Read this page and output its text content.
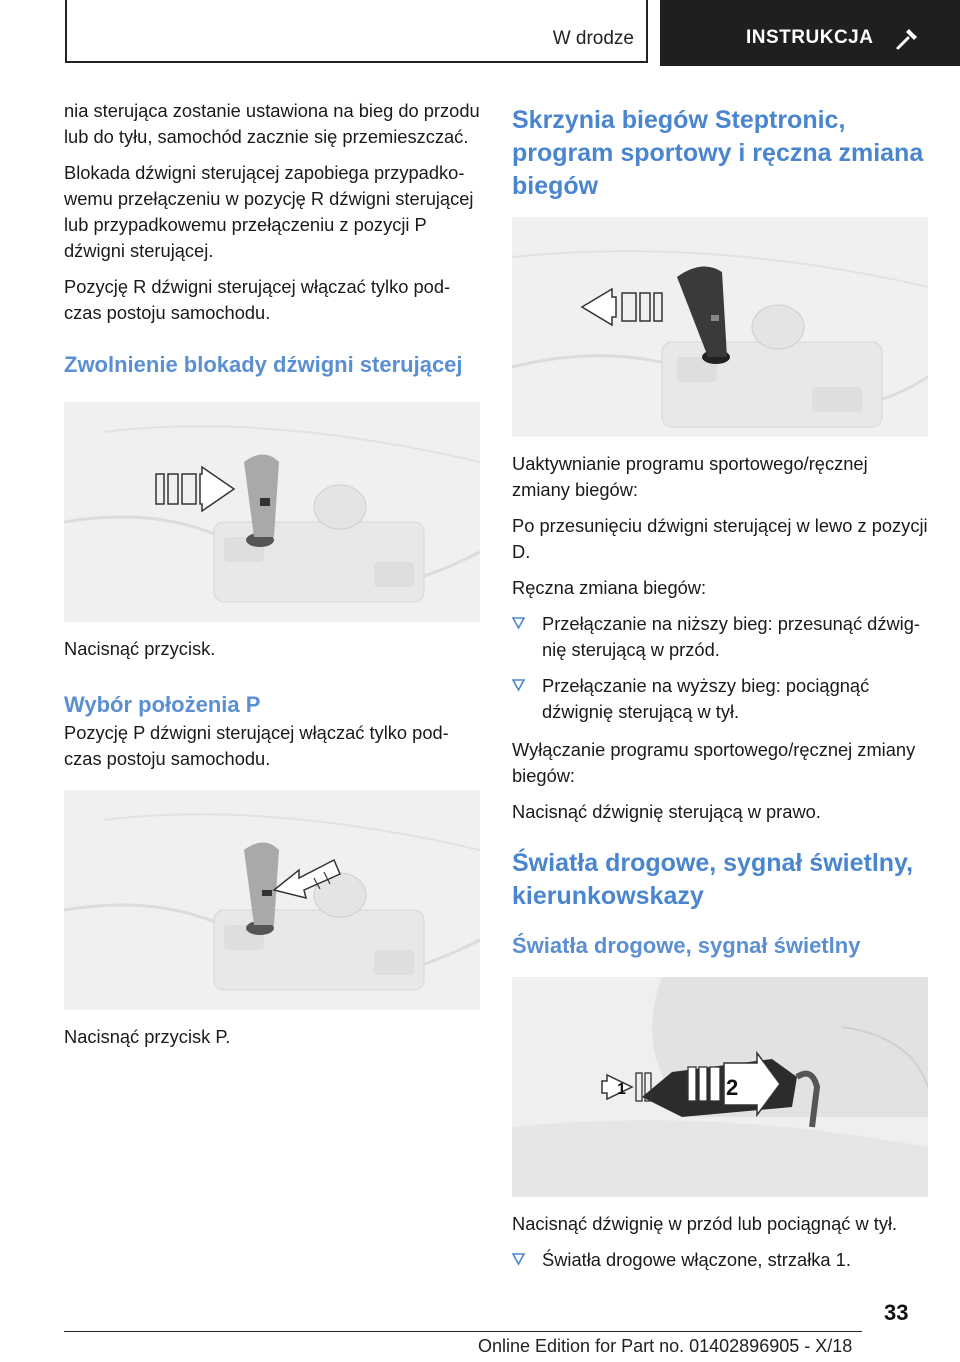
W drodze	INSTRUKCJA

nia sterująca zostanie ustawiona na bieg do przodu lub do tyłu, samochód zacznie się przemieszczać.

Blokada dźwigni sterującej zapobiega przypadkowemu przełączeniu w pozycję R dźwigni sterującej lub przypadkowemu przełączeniu z pozycji P dźwigni sterującej.

Pozycję R dźwigni sterującej włączać tylko podczas postoju samochodu.

Zwolnienie blokady dźwigni sterującej

Nacisnąć przycisk.

Wybór położenia P

Pozycję P dźwigni sterującej włączać tylko podczas postoju samochodu.

Nacisnąć przycisk P.

Skrzynia biegów Steptronic, program sportowy i ręczna zmiana biegów

Uaktywnianie programu sportowego/ręcznej zmiany biegów:

Po przesunięciu dźwigni sterującej w lewo z pozycji D.

Ręczna zmiana biegów:

Przełączanie na niższy bieg: przesunąć dźwignię sterującą w przód.
Przełączanie na wyższy bieg: pociągnąć dźwignię sterującą w tył.

Wyłączanie programu sportowego/ręcznej zmiany biegów:

Nacisnąć dźwignię sterującą w prawo.

Światła drogowe, sygnał świetlny, kierunkowskazy
Światła drogowe, sygnał świetlny
1	2

Nacisnąć dźwignię w przód lub pociągnąć w tył.

Światła drogowe włączone, strzałka 1.
33
Online Edition for Part no. 01402896905 - X/18
